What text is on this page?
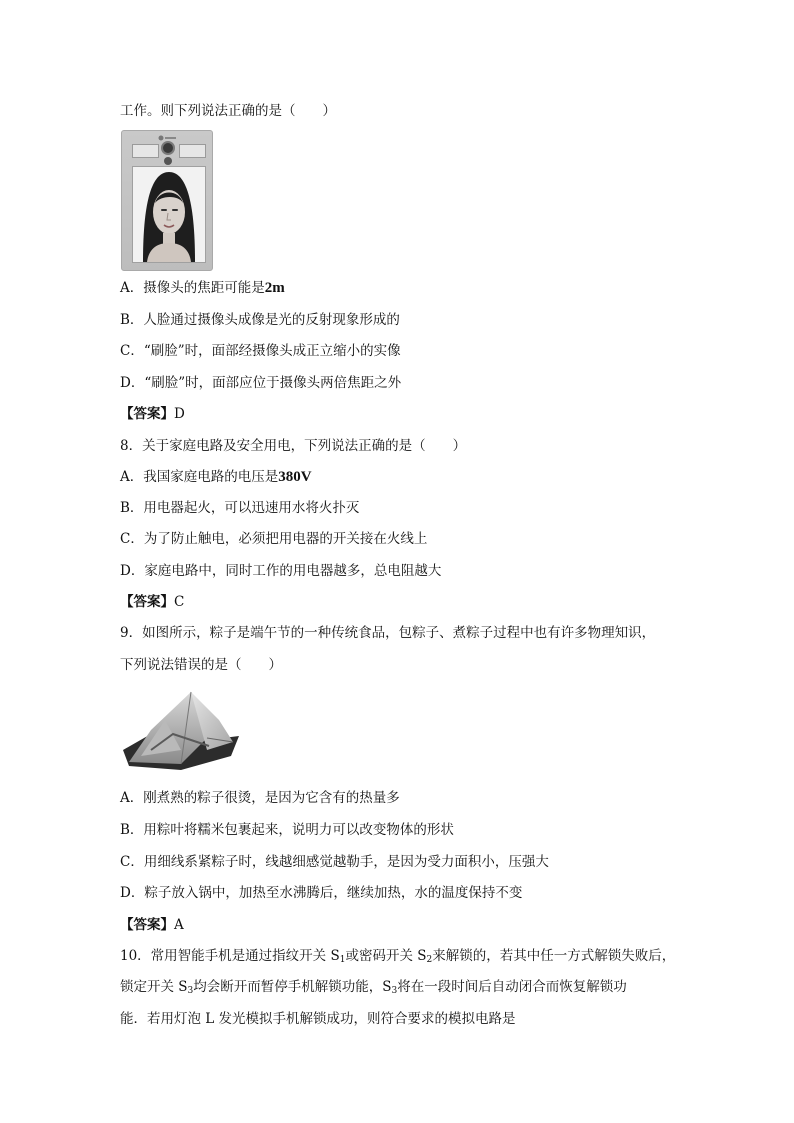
工作。则下列说法正确的是（　　）
A．摄像头的焦距可能是2m
B．人脸通过摄像头成像是光的反射现象形成的
C．“刷脸”时，面部经摄像头成正立缩小的实像
D．“刷脸”时，面部应位于摄像头两倍焦距之外
【答案】D
8．关于家庭电路及安全用电，下列说法正确的是（　　）
A．我国家庭电路的电压是380V
B．用电器起火，可以迅速用水将火扑灭
C．为了防止触电，必须把用电器的开关接在火线上
D．家庭电路中，同时工作的用电器越多，总电阻越大
【答案】C
9．如图所示，粽子是端午节的一种传统食品，包粽子、煮粽子过程中也有许多物理知识，
下列说法错误的是（　　）
A．刚煮熟的粽子很烫，是因为它含有的热量多
B．用粽叶将糯米包裹起来，说明力可以改变物体的形状
C．用细线系紧粽子时，线越细感觉越勒手，是因为受力面积小，压强大
D．粽子放入锅中，加热至水沸腾后，继续加热，水的温度保持不变
【答案】A
10．常用智能手机是通过指纹开关 $S_1$或密码开关 $S_2$来解锁的，若其中任一方式解锁失败后，
锁定开关 $S_3$均会断开而暂停手机解锁功能，$S_3$将在一段时间后自动闭合而恢复解锁功
能．若用灯泡 L 发光模拟手机解锁成功，则符合要求的模拟电路是
